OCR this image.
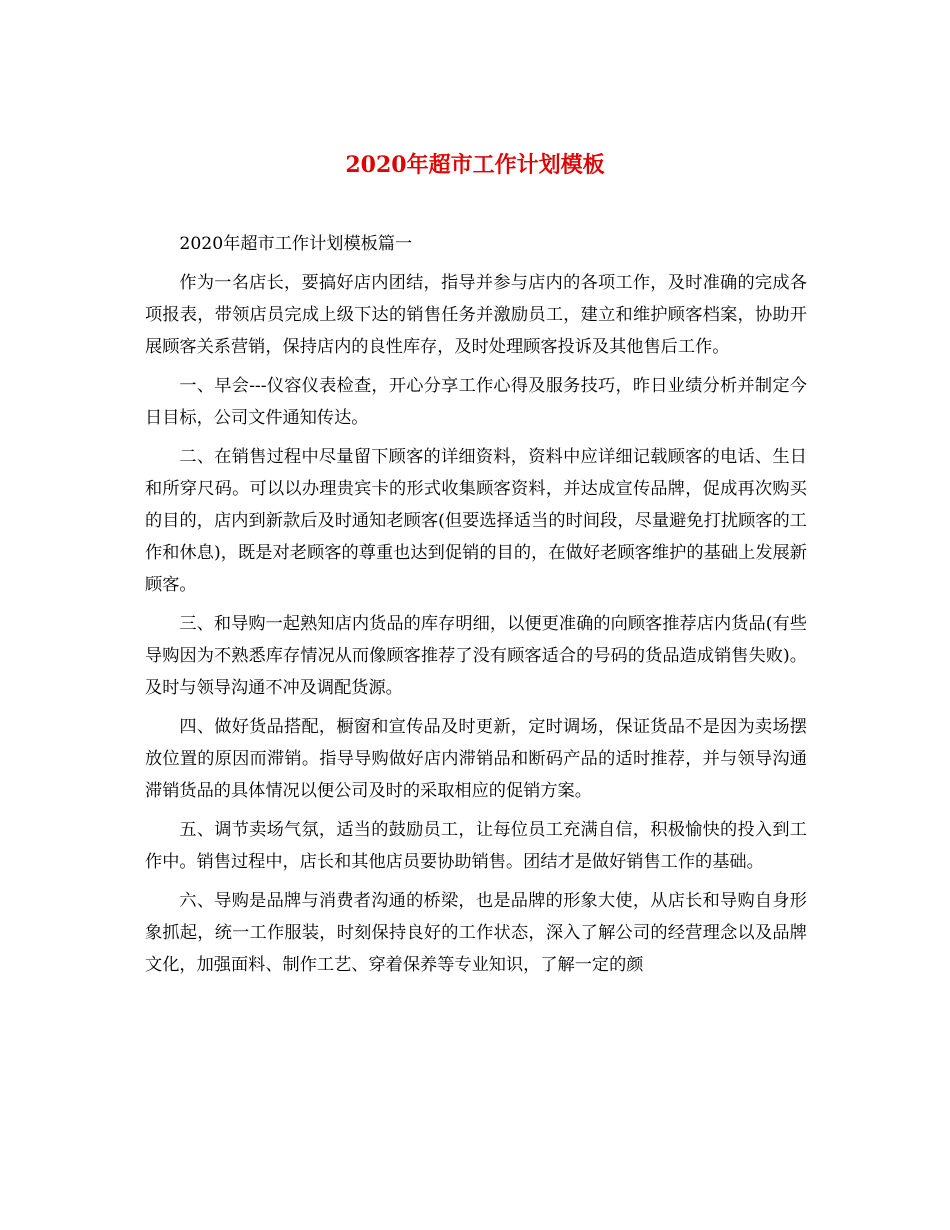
2020年超市工作计划模板

2020年超市工作计划模板篇一

作为一名店长，要搞好店内团结，指导并参与店内的各项工作，及时准确的完成各项报表，带领店员完成上级下达的销售任务并激励员工，建立和维护顾客档案，协助开展顾客关系营销，保持店内的良性库存，及时处理顾客投诉及其他售后工作。

一、早会---仪容仪表检查，开心分享工作心得及服务技巧，昨日业绩分析并制定今日目标，公司文件通知传达。

二、在销售过程中尽量留下顾客的详细资料，资料中应详细记载顾客的电话、生日和所穿尺码。可以以办理贵宾卡的形式收集顾客资料，并达成宣传品牌，促成再次购买的目的，店内到新款后及时通知老顾客(但要选择适当的时间段，尽量避免打扰顾客的工作和休息)，既是对老顾客的尊重也达到促销的目的，在做好老顾客维护的基础上发展新顾客。

三、和导购一起熟知店内货品的库存明细，以便更准确的向顾客推荐店内货品(有些导购因为不熟悉库存情况从而像顾客推荐了没有顾客适合的号码的货品造成销售失败)。及时与领导沟通不冲及调配货源。

四、做好货品搭配，橱窗和宣传品及时更新，定时调场，保证货品不是因为卖场摆放位置的原因而滞销。指导导购做好店内滞销品和断码产品的适时推荐，并与领导沟通滞销货品的具体情况以便公司及时的采取相应的促销方案。

五、调节卖场气氛，适当的鼓励员工，让每位员工充满自信，积极愉快的投入到工作中。销售过程中，店长和其他店员要协助销售。团结才是做好销售工作的基础。

六、导购是品牌与消费者沟通的桥梁，也是品牌的形象大使，从店长和导购自身形象抓起，统一工作服装，时刻保持良好的工作状态，深入了解公司的经营理念以及品牌文化，加强面料、制作工艺、穿着保养等专业知识，了解一定的颜
